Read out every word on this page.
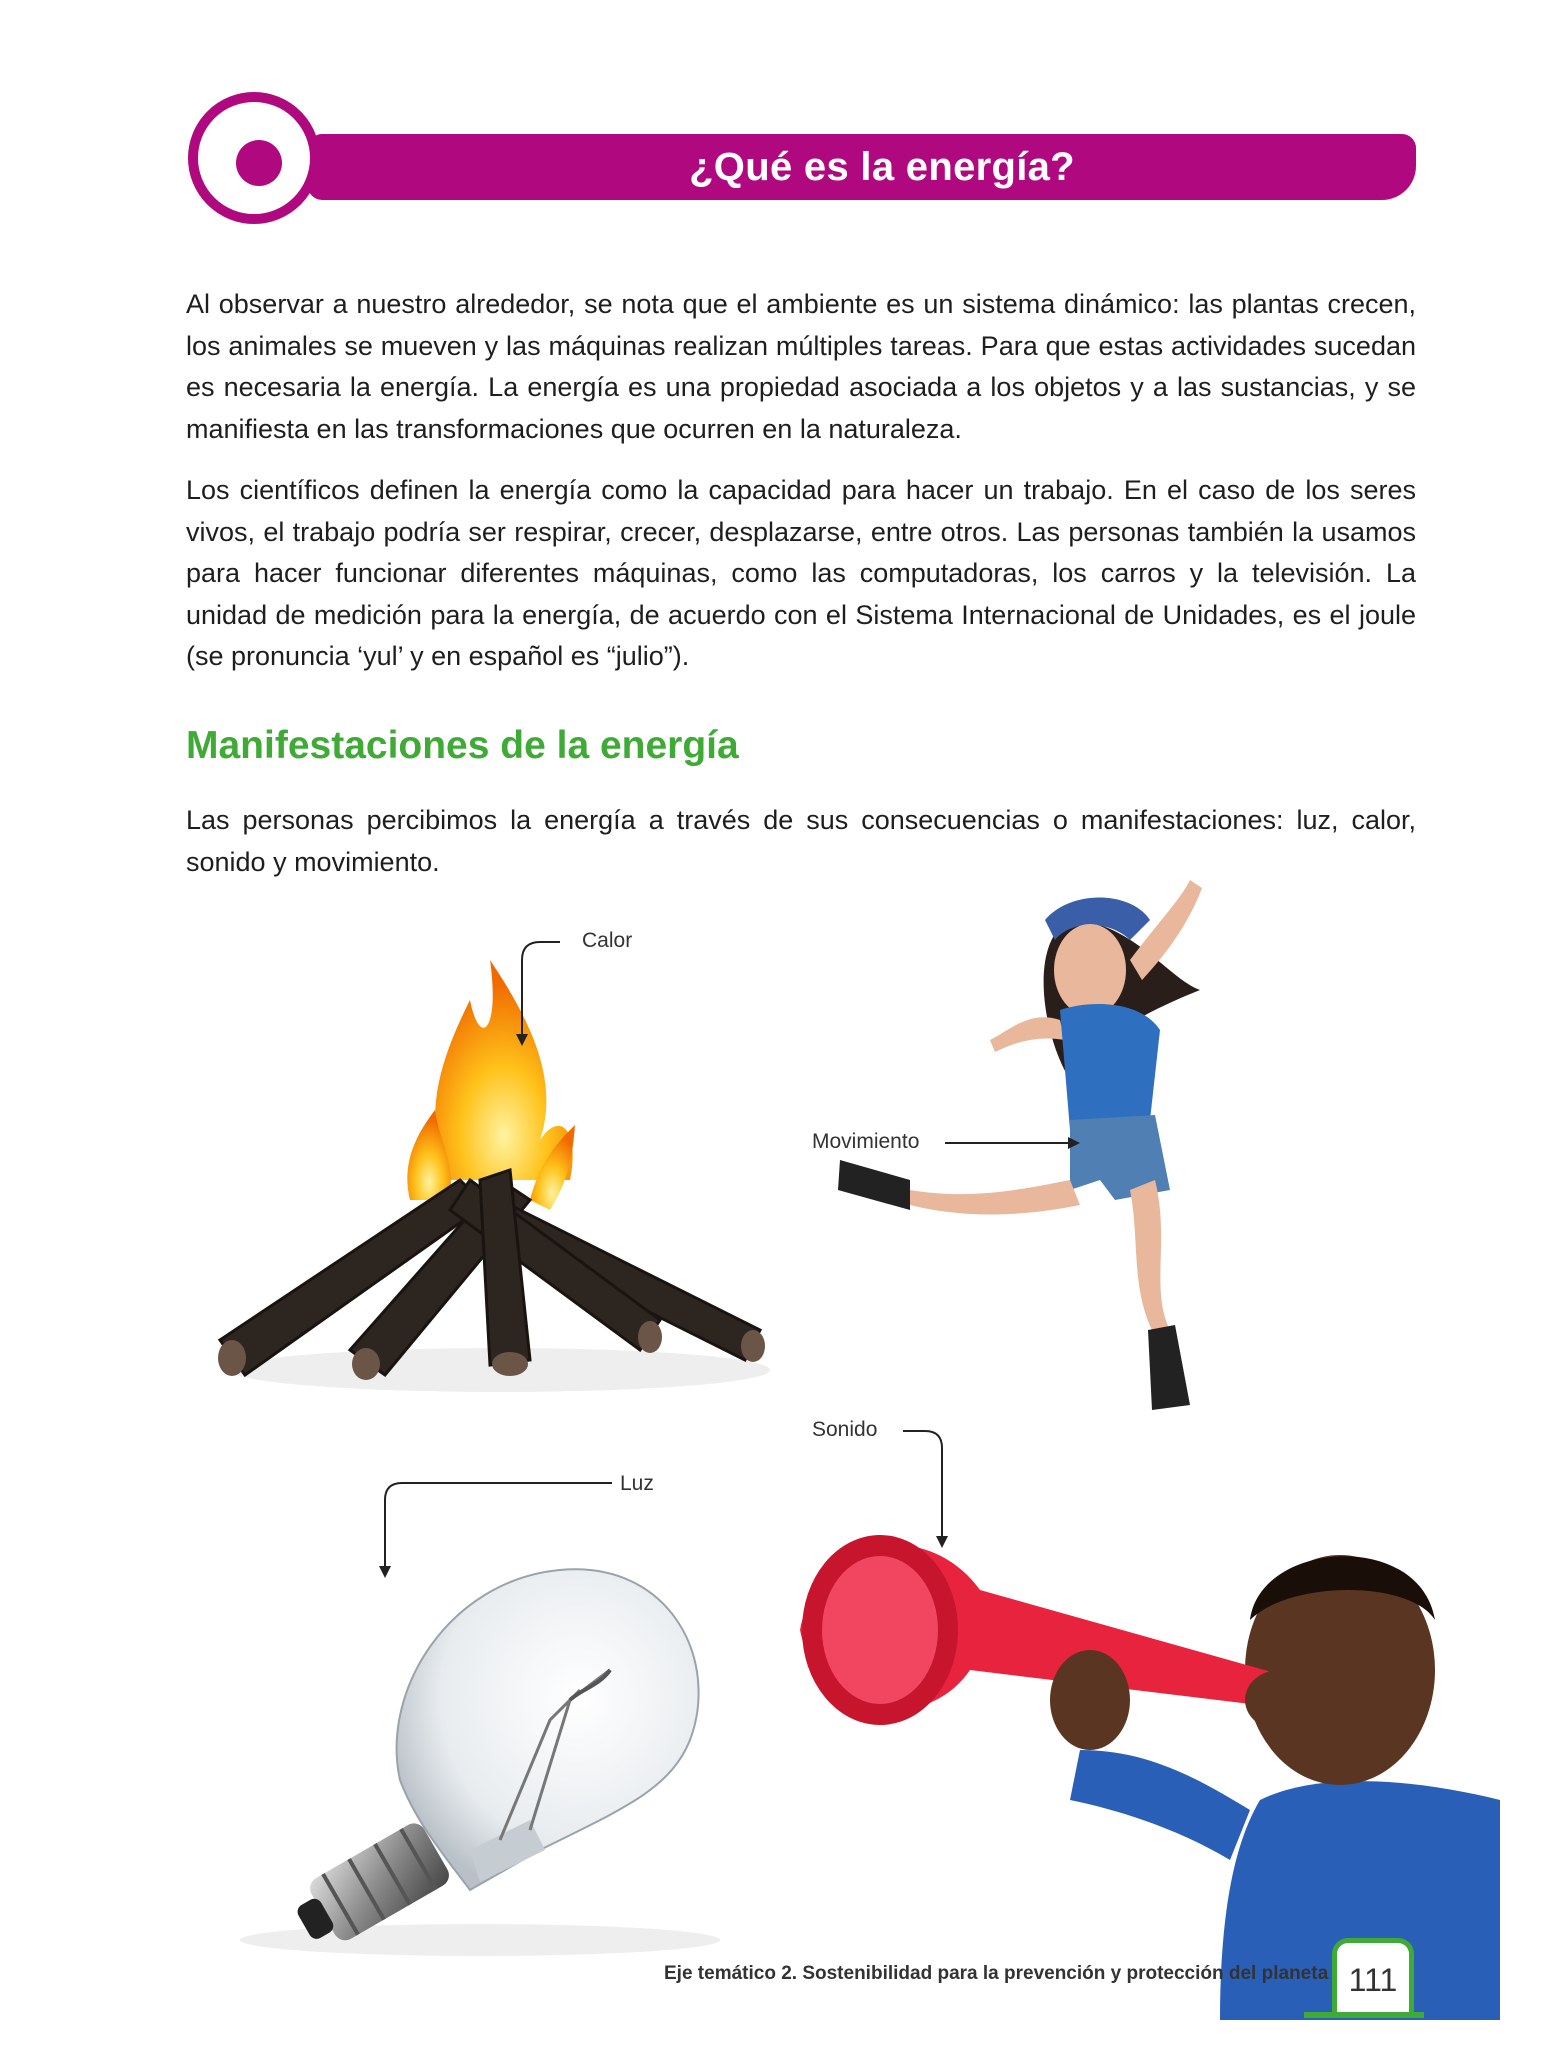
¿Qué es la energía?

Al observar a nuestro alrededor, se nota que el ambiente es un sistema dinámico: las plantas crecen, los animales se mueven y las máquinas realizan múltiples tareas. Para que estas actividades sucedan es necesaria la energía. La energía es una propiedad asociada a los objetos y a las sustancias, y se manifiesta en las transformaciones que ocurren en la naturaleza.

Los científicos definen la energía como la capacidad para hacer un trabajo. En el caso de los seres vivos, el trabajo podría ser respirar, crecer, desplazarse, entre otros. Las personas también la usamos para hacer funcionar diferentes máquinas, como las computadoras, los carros y la televisión. La unidad de medición para la energía, de acuerdo con el Sistema Internacional de Unidades, es el joule (se pronuncia ‘yul’ y en español es “julio”).

Manifestaciones de la energía

Las personas percibimos la energía a través de sus consecuencias o manifestaciones: luz, calor, sonido y movimiento.

Calor
Movimiento
Sonido
Luz
Eje temático 2. Sostenibilidad para la prevención y protección del planeta 111
